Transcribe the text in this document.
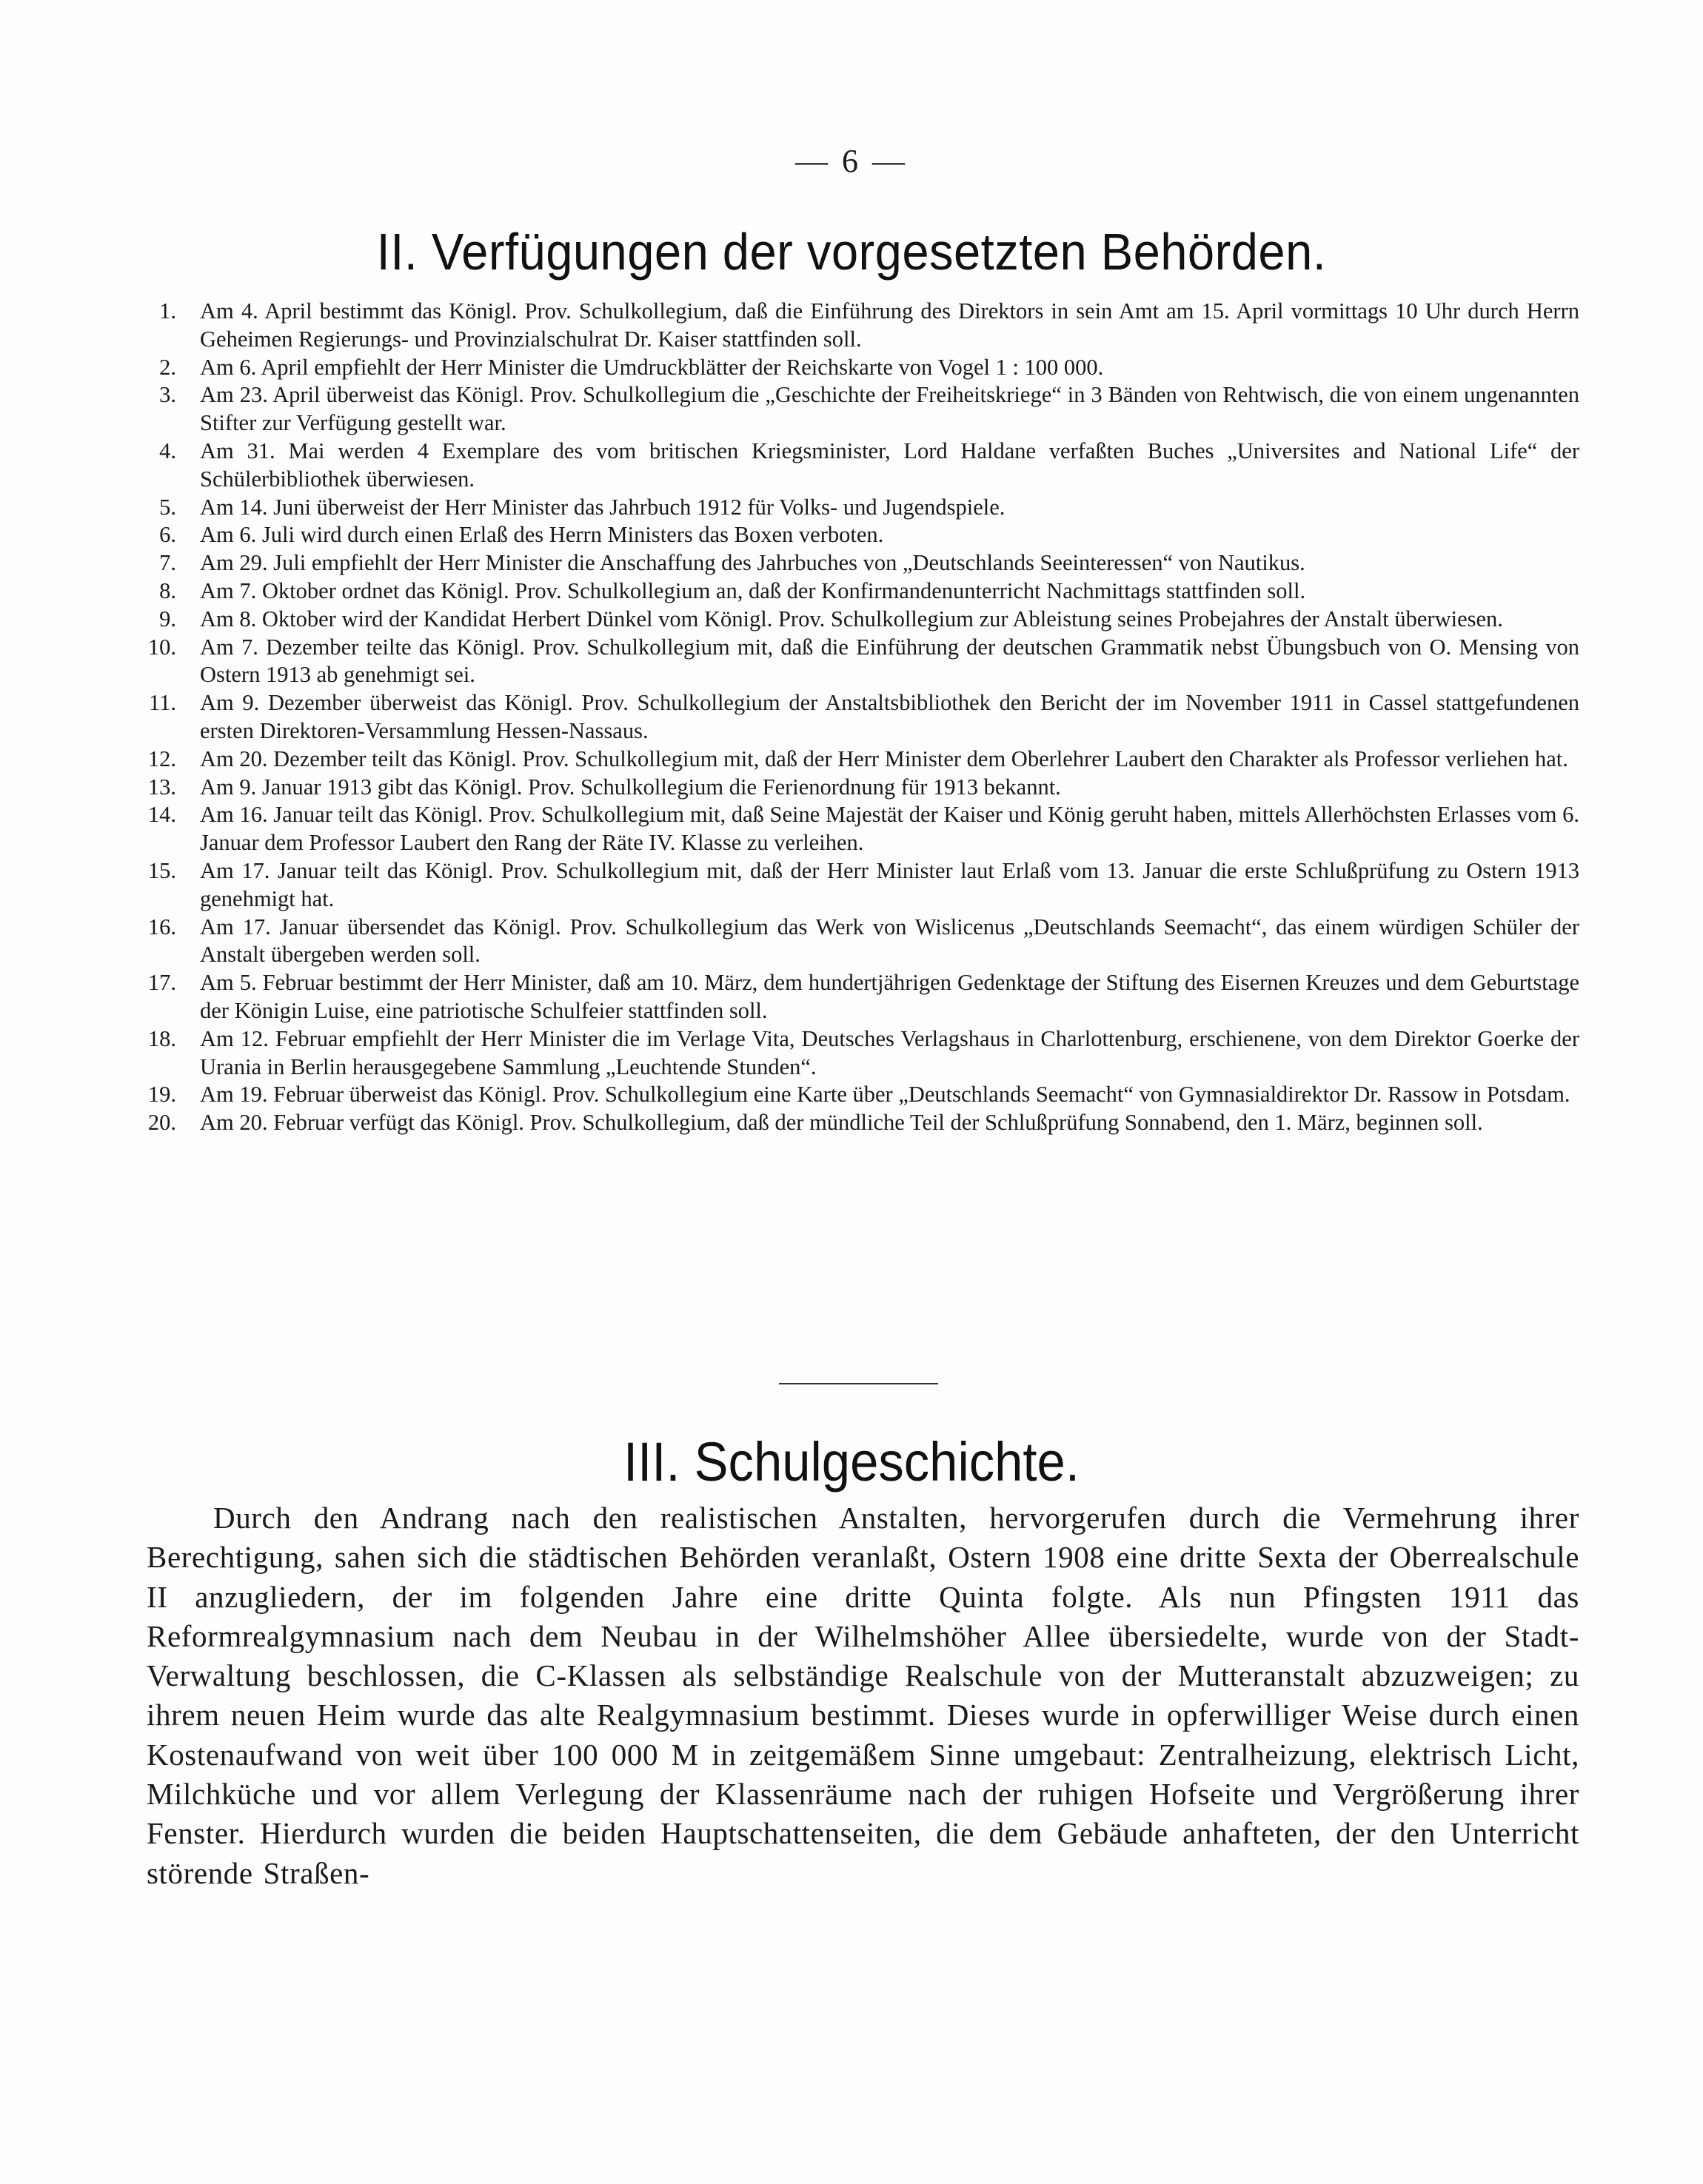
— 6 —
II. Verfügungen der vorgesetzten Behörden.
1. Am 4. April bestimmt das Königl. Prov. Schulkollegium, daß die Einführung des Direktors in sein Amt am 15. April vormittags 10 Uhr durch Herrn Geheimen Regierungs- und Provinzialschulrat Dr. Kaiser stattfinden soll.
2. Am 6. April empfiehlt der Herr Minister die Umdruckblätter der Reichskarte von Vogel 1 : 100 000.
3. Am 23. April überweist das Königl. Prov. Schulkollegium die „Geschichte der Freiheitskriege“ in 3 Bänden von Rehtwisch, die von einem ungenannten Stifter zur Verfügung gestellt war.
4. Am 31. Mai werden 4 Exemplare des vom britischen Kriegsminister, Lord Haldane verfaßten Buches „Universites and National Life“ der Schülerbibliothek überwiesen.
5. Am 14. Juni überweist der Herr Minister das Jahrbuch 1912 für Volks- und Jugendspiele.
6. Am 6. Juli wird durch einen Erlaß des Herrn Ministers das Boxen verboten.
7. Am 29. Juli empfiehlt der Herr Minister die Anschaffung des Jahrbuches von „Deutschlands Seeinteressen“ von Nautikus.
8. Am 7. Oktober ordnet das Königl. Prov. Schulkollegium an, daß der Konfirmandenunterricht Nachmittags stattfinden soll.
9. Am 8. Oktober wird der Kandidat Herbert Dünkel vom Königl. Prov. Schulkollegium zur Ableistung seines Probejahres der Anstalt überwiesen.
10. Am 7. Dezember teilte das Königl. Prov. Schulkollegium mit, daß die Einführung der deutschen Grammatik nebst Übungsbuch von O. Mensing von Ostern 1913 ab genehmigt sei.
11. Am 9. Dezember überweist das Königl. Prov. Schulkollegium der Anstaltsbibliothek den Bericht der im November 1911 in Cassel stattgefundenen ersten Direktoren-Versammlung Hessen-Nassaus.
12. Am 20. Dezember teilt das Königl. Prov. Schulkollegium mit, daß der Herr Minister dem Oberlehrer Laubert den Charakter als Professor verliehen hat.
13. Am 9. Januar 1913 gibt das Königl. Prov. Schulkollegium die Ferienordnung für 1913 bekannt.
14. Am 16. Januar teilt das Königl. Prov. Schulkollegium mit, daß Seine Majestät der Kaiser und König geruht haben, mittels Allerhöchsten Erlasses vom 6. Januar dem Professor Laubert den Rang der Räte IV. Klasse zu verleihen.
15. Am 17. Januar teilt das Königl. Prov. Schulkollegium mit, daß der Herr Minister laut Erlaß vom 13. Januar die erste Schlußprüfung zu Ostern 1913 genehmigt hat.
16. Am 17. Januar übersendet das Königl. Prov. Schulkollegium das Werk von Wislicenus „Deutschlands Seemacht“, das einem würdigen Schüler der Anstalt übergeben werden soll.
17. Am 5. Februar bestimmt der Herr Minister, daß am 10. März, dem hundertjährigen Gedenktage der Stiftung des Eisernen Kreuzes und dem Geburtstage der Königin Luise, eine patriotische Schulfeier stattfinden soll.
18. Am 12. Februar empfiehlt der Herr Minister die im Verlage Vita, Deutsches Verlagshaus in Charlottenburg, erschienene, von dem Direktor Goerke der Urania in Berlin herausgegebene Sammlung „Leuchtende Stunden“.
19. Am 19. Februar überweist das Königl. Prov. Schulkollegium eine Karte über „Deutschlands Seemacht“ von Gymnasialdirektor Dr. Rassow in Potsdam.
20. Am 20. Februar verfügt das Königl. Prov. Schulkollegium, daß der mündliche Teil der Schlußprüfung Sonnabend, den 1. März, beginnen soll.
III. Schulgeschichte.

Durch den Andrang nach den realistischen Anstalten, hervorgerufen durch die Vermehrung ihrer Berechtigung, sahen sich die städtischen Behörden veranlaßt, Ostern 1908 eine dritte Sexta der Oberrealschule II anzugliedern, der im folgenden Jahre eine dritte Quinta folgte. Als nun Pfingsten 1911 das Reformrealgymnasium nach dem Neubau in der Wilhelmshöher Allee übersiedelte, wurde von der Stadt-Verwaltung beschlossen, die C-Klassen als selbständige Realschule von der Mutteranstalt abzuzweigen; zu ihrem neuen Heim wurde das alte Realgymnasium bestimmt. Dieses wurde in opferwilliger Weise durch einen Kostenaufwand von weit über 100 000 M in zeitgemäßem Sinne umgebaut: Zentralheizung, elektrisch Licht, Milchküche und vor allem Verlegung der Klassenräume nach der ruhigen Hofseite und Vergrößerung ihrer Fenster. Hierdurch wurden die beiden Hauptschattenseiten, die dem Gebäude anhafteten, der den Unterricht störende Straßen-
